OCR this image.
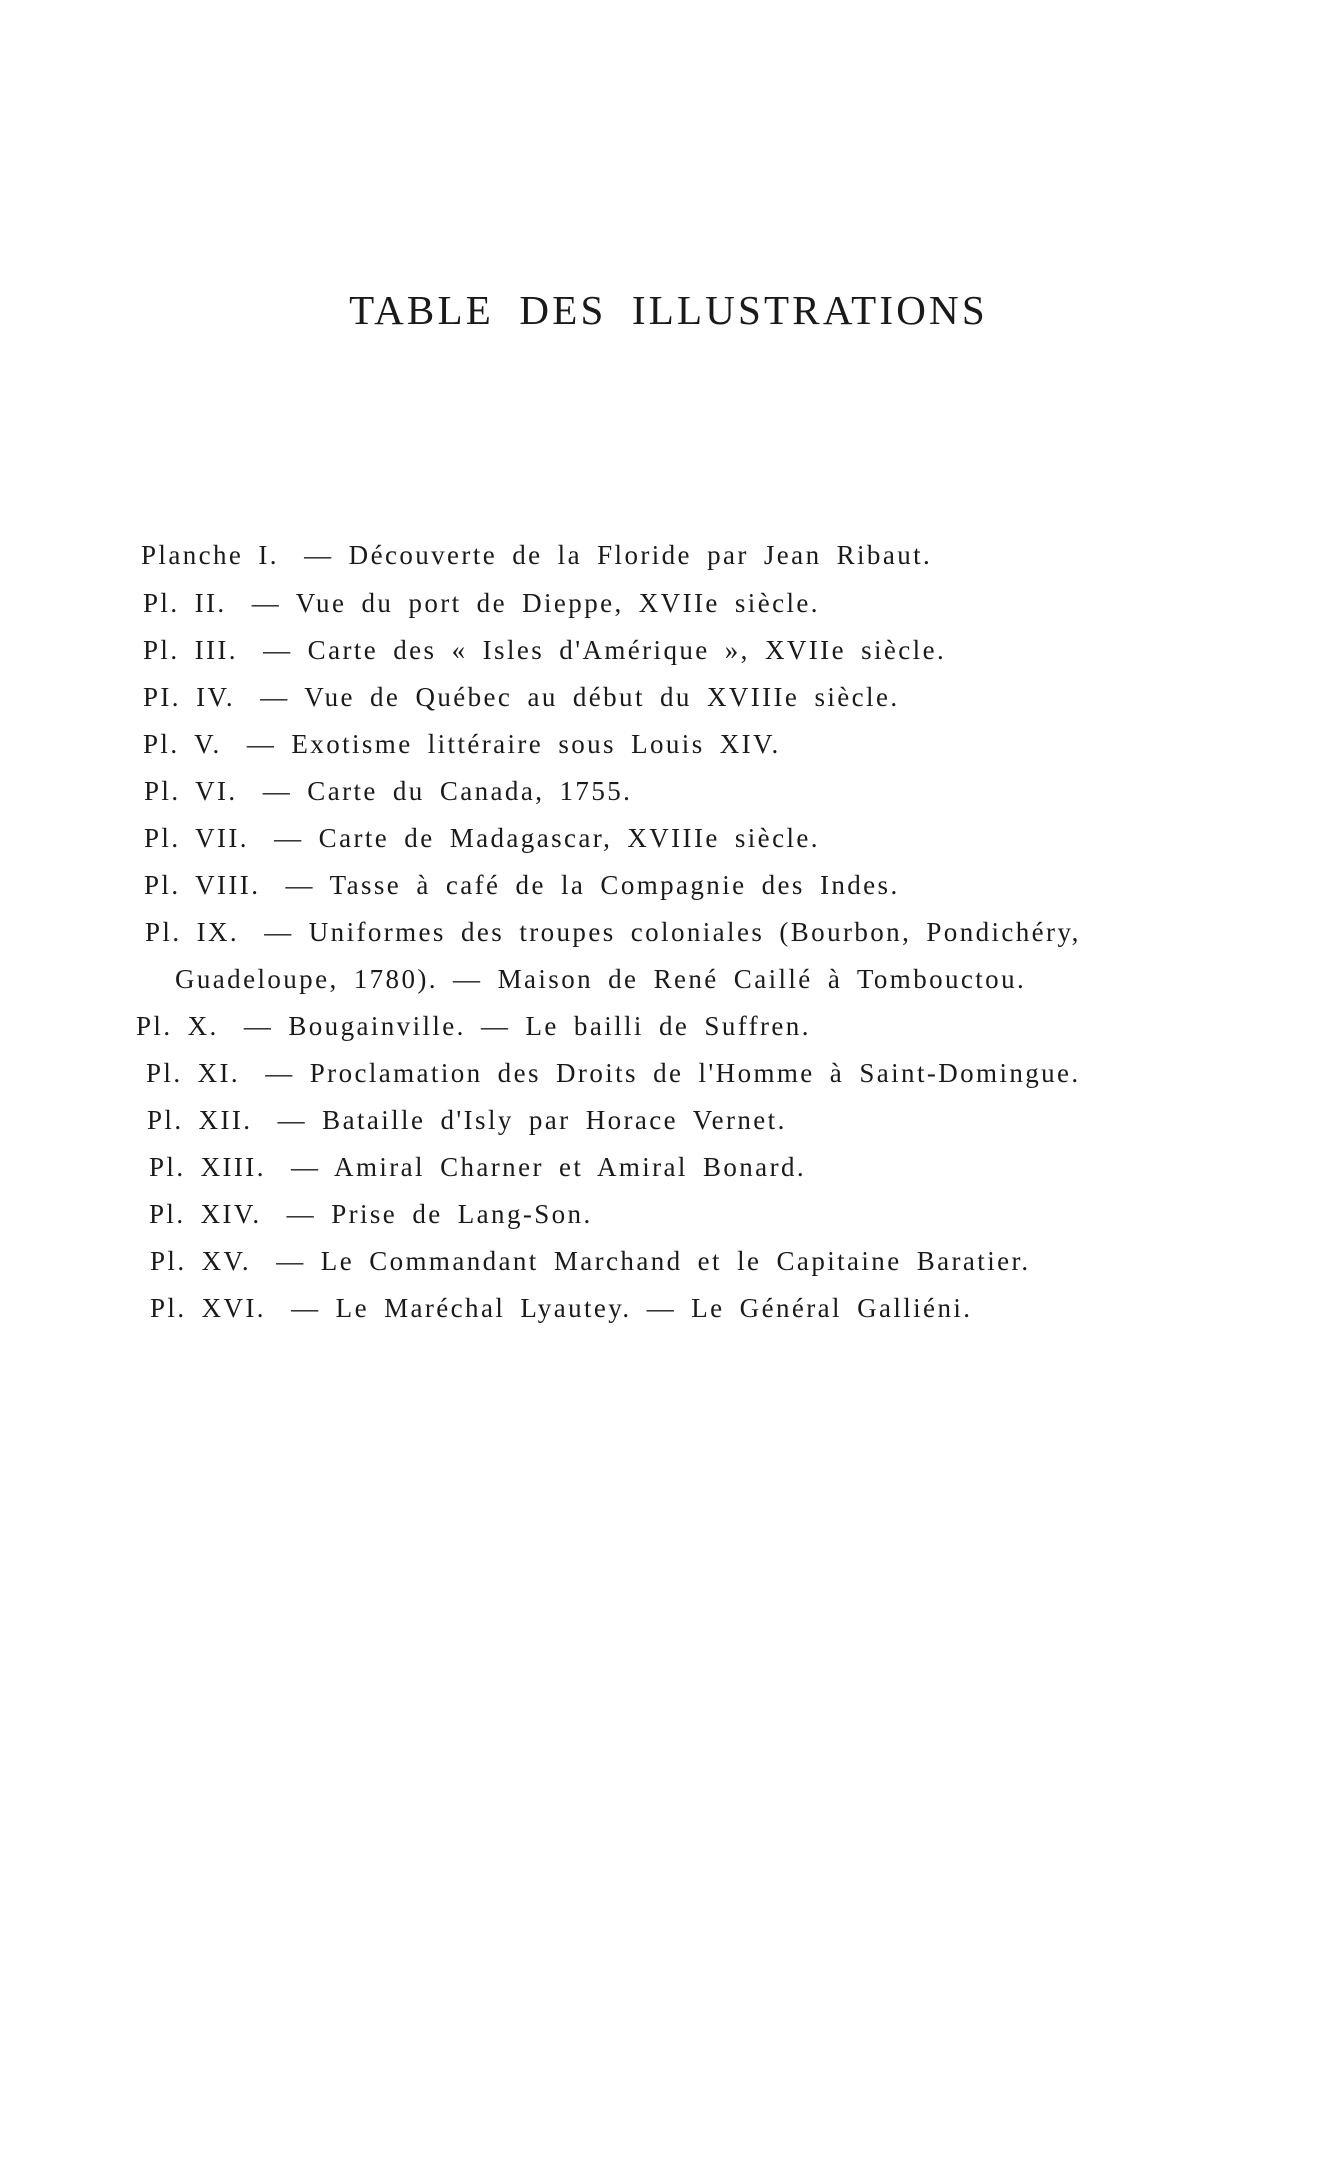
TABLE DES ILLUSTRATIONS
Planche I. — Découverte de la Floride par Jean Ribaut.
Pl. II. — Vue du port de Dieppe, XVIIe siècle.
Pl. III. — Carte des « Isles d'Amérique », XVIIe siècle.
PI. IV. — Vue de Québec au début du XVIIIe siècle.
Pl. V. — Exotisme littéraire sous Louis XIV.
Pl. VI. — Carte du Canada, 1755.
Pl. VII. — Carte de Madagascar, XVIIIe siècle.
Pl. VIII. — Tasse à café de la Compagnie des Indes.
Pl. IX. — Uniformes des troupes coloniales (Bourbon, Pondichéry,
Guadeloupe, 1780). — Maison de René Caillé à Tombouctou.
Pl. X. — Bougainville. — Le bailli de Suffren.
Pl. XI. — Proclamation des Droits de l'Homme à Saint-Domingue.
Pl. XII. — Bataille d'Isly par Horace Vernet.
Pl. XIII. — Amiral Charner et Amiral Bonard.
Pl. XIV. — Prise de Lang-Son.
Pl. XV. — Le Commandant Marchand et le Capitaine Baratier.
Pl. XVI. — Le Maréchal Lyautey. — Le Général Galliéni.
